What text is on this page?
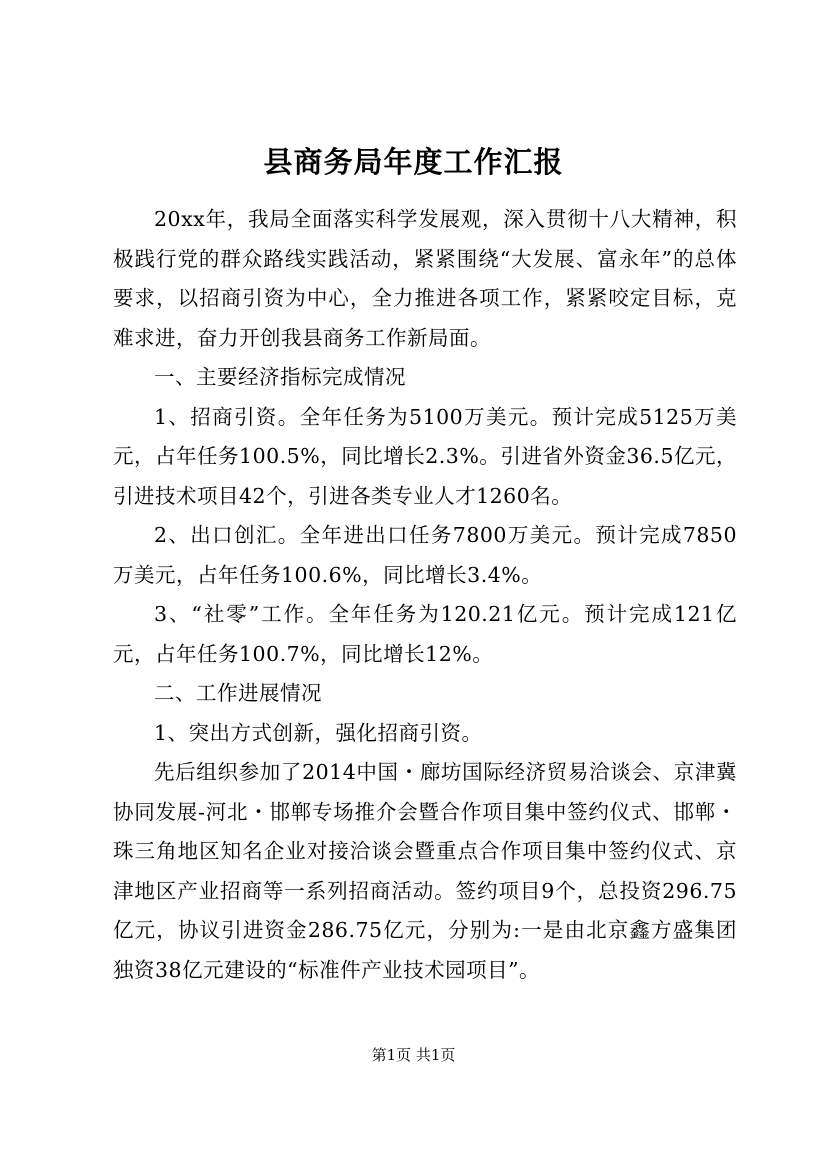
县商务局年度工作汇报

20xx年，我局全面落实科学发展观，深入贯彻十八大精神，积极践行党的群众路线实践活动，紧紧围绕“大发展、富永年”的总体要求，以招商引资为中心，全力推进各项工作，紧紧咬定目标，克难求进，奋力开创我县商务工作新局面。

一、主要经济指标完成情况

1、招商引资。全年任务为5100万美元。预计完成5125万美元，占年任务100.5%，同比增长2.3%。引进省外资金36.5亿元，引进技术项目42个，引进各类专业人才1260名。

2、出口创汇。全年进出口任务7800万美元。预计完成7850万美元，占年任务100.6%，同比增长3.4%。

3、“社零”工作。全年任务为120.21亿元。预计完成121亿元，占年任务100.7%，同比增长12%。

二、工作进展情况

1、突出方式创新，强化招商引资。

先后组织参加了2014中国・廊坊国际经济贸易洽谈会、京津冀协同发展-河北・邯郸专场推介会暨合作项目集中签约仪式、邯郸・珠三角地区知名企业对接洽谈会暨重点合作项目集中签约仪式、京津地区产业招商等一系列招商活动。签约项目9个，总投资296.75亿元，协议引进资金286.75亿元，分别为:一是由北京鑫方盛集团独资38亿元建设的“标准件产业技术园项目”。

第1页 共1页
